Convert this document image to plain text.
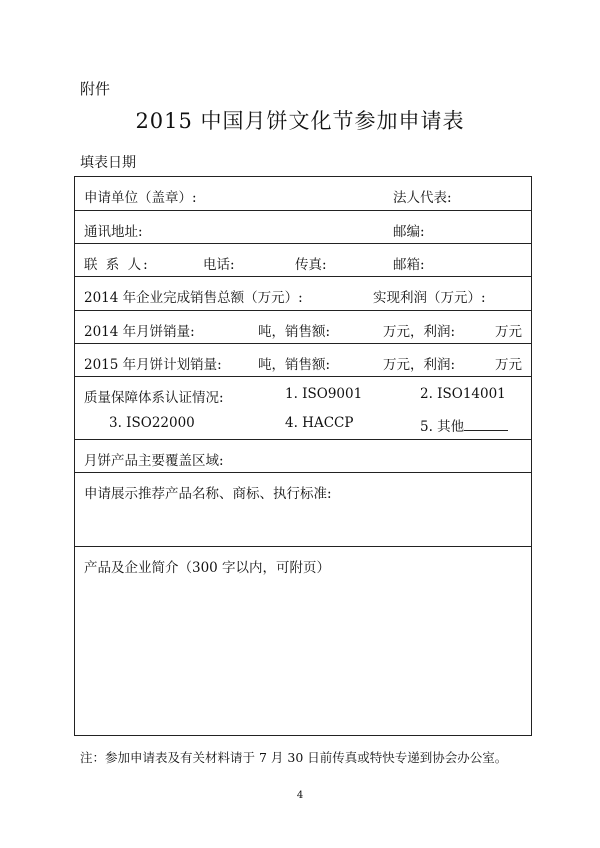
附件
2015 中国月饼文化节参加申请表
填表日期
申请单位（盖章）:	法人代表:
通讯地址:	邮编:
联 系 人:	电话:	传真:	邮箱:
2014 年企业完成销售总额（万元）:	实现利润（万元）:
2014 年月饼销量:	吨，销售额:	万元，利润:	万元
2015 年月饼计划销量:	吨，销售额:	万元，利润:	万元
质量保障体系认证情况:	1. ISO9001	2. ISO14001
3. ISO22000	4. HACCP	5. 其他
月饼产品主要覆盖区域:
申请展示推荐产品名称、商标、执行标准:
产品及企业简介（300 字以内，可附页）
注：参加申请表及有关材料请于 7 月 30 日前传真或特快专递到协会办公室。
4
